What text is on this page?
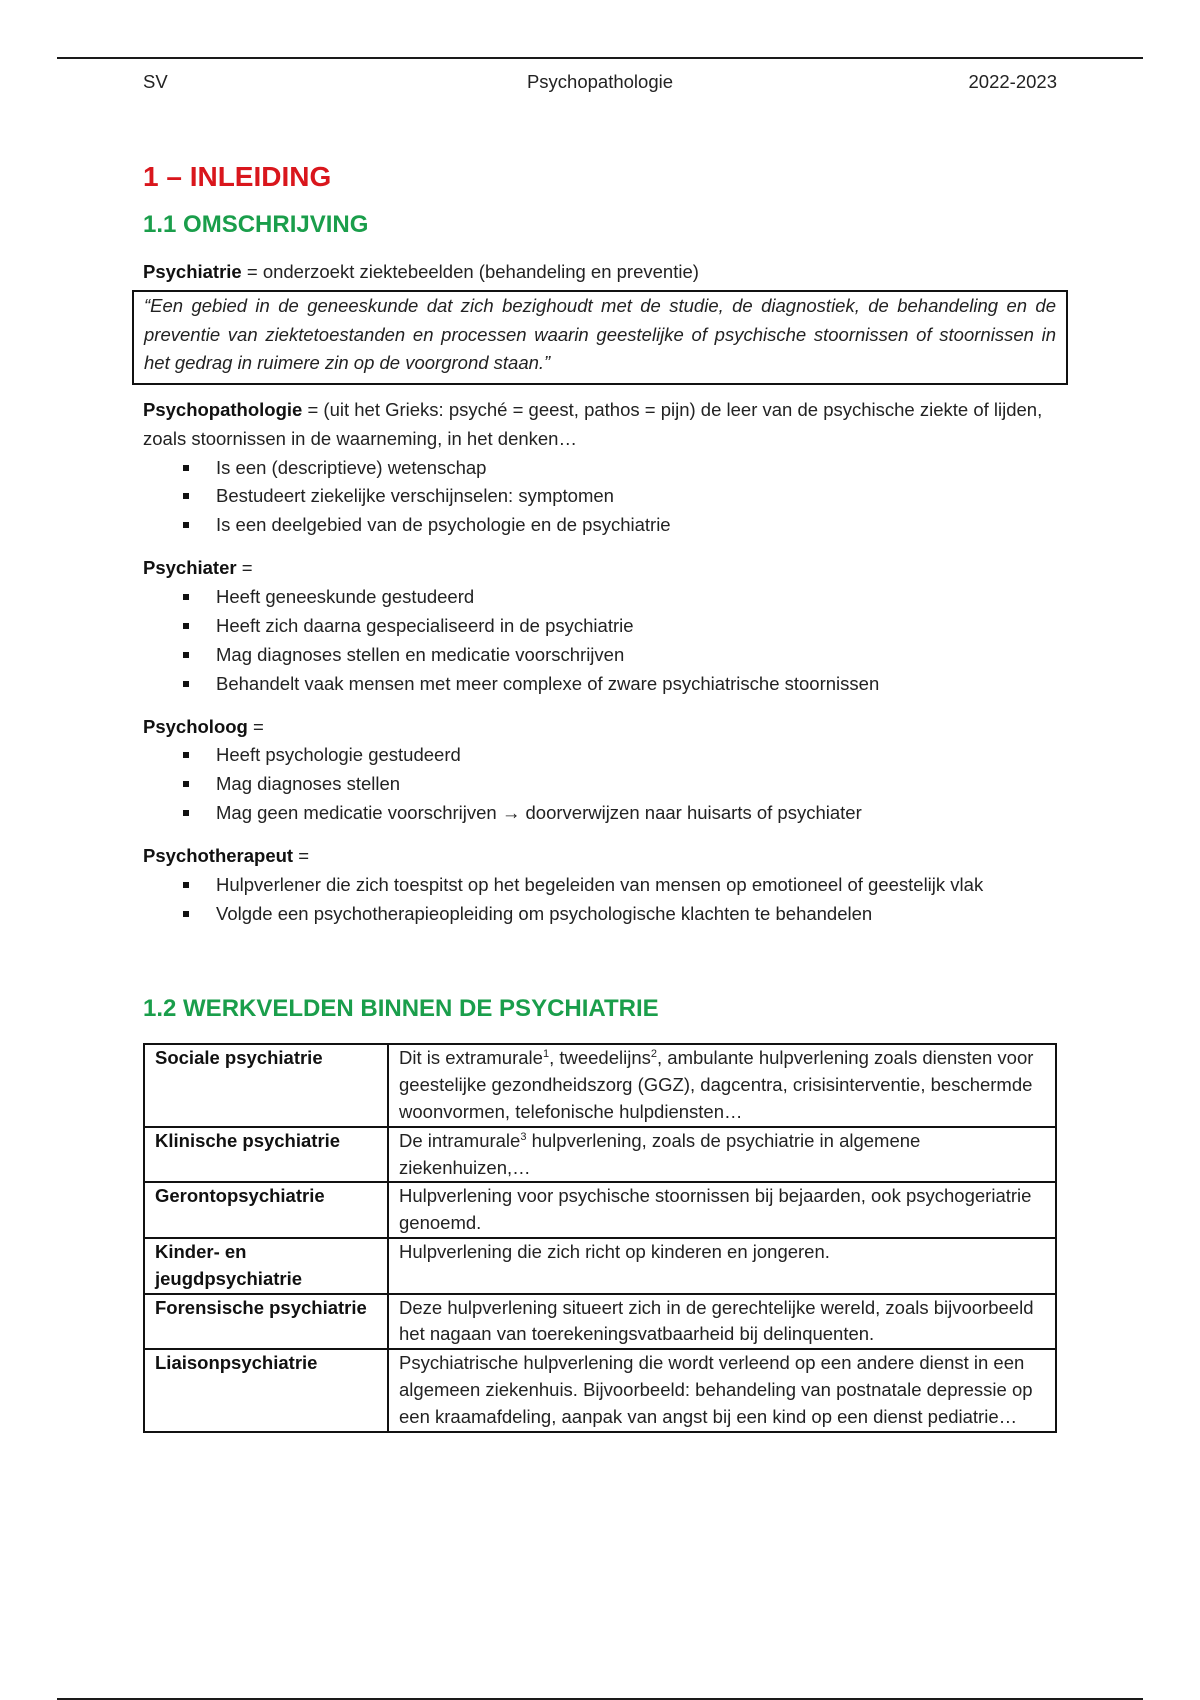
SV	Psychopathologie	2022-2023
1 – INLEIDING
1.1 OMSCHRIJVING

Psychiatrie = onderzoekt ziektebeelden (behandeling en preventie)

“Een gebied in de geneeskunde dat zich bezighoudt met de studie, de diagnostiek, de behandeling en de preventie van ziektetoestanden en processen waarin geestelijke of psychische stoornissen of stoornissen in het gedrag in ruimere zin op de voorgrond staan.”

Psychopathologie = (uit het Grieks: psyché = geest, pathos = pijn) de leer van de psychische ziekte of lijden, zoals stoornissen in de waarneming, in het denken…

Is een (descriptieve) wetenschap
Bestudeert ziekelijke verschijnselen: symptomen
Is een deelgebied van de psychologie en de psychiatrie

Psychiater =

Heeft geneeskunde gestudeerd
Heeft zich daarna gespecialiseerd in de psychiatrie
Mag diagnoses stellen en medicatie voorschrijven
Behandelt vaak mensen met meer complexe of zware psychiatrische stoornissen

Psycholoog =

Heeft psychologie gestudeerd
Mag diagnoses stellen
Mag geen medicatie voorschrijven → doorverwijzen naar huisarts of psychiater

Psychotherapeut =

Hulpverlener die zich toespitst op het begeleiden van mensen op emotioneel of geestelijk vlak
Volgde een psychotherapieopleiding om psychologische klachten te behandelen
1.2 WERKVELDEN BINNEN DE PSYCHIATRIE
Sociale psychiatrie	Dit is extramurale$^1$, tweedelijns$^2$, ambulante hulpverlening zoals diensten voor geestelijke gezondheidszorg (GGZ), dagcentra, crisisinterventie, beschermde woonvormen, telefonische hulpdiensten…
Klinische psychiatrie	De intramurale$^3$ hulpverlening, zoals de psychiatrie in algemene ziekenhuizen,…
Gerontopsychiatrie	Hulpverlening voor psychische stoornissen bij bejaarden, ook psychogeriatrie genoemd.
Kinder- en jeugdpsychiatrie	Hulpverlening die zich richt op kinderen en jongeren.
Forensische psychiatrie	Deze hulpverlening situeert zich in de gerechtelijke wereld, zoals bijvoorbeeld het nagaan van toerekeningsvatbaarheid bij delinquenten.
Liaisonpsychiatrie	Psychiatrische hulpverlening die wordt verleend op een andere dienst in een algemeen ziekenhuis. Bijvoorbeeld: behandeling van postnatale depressie op een kraamafdeling, aanpak van angst bij een kind op een dienst pediatrie…
